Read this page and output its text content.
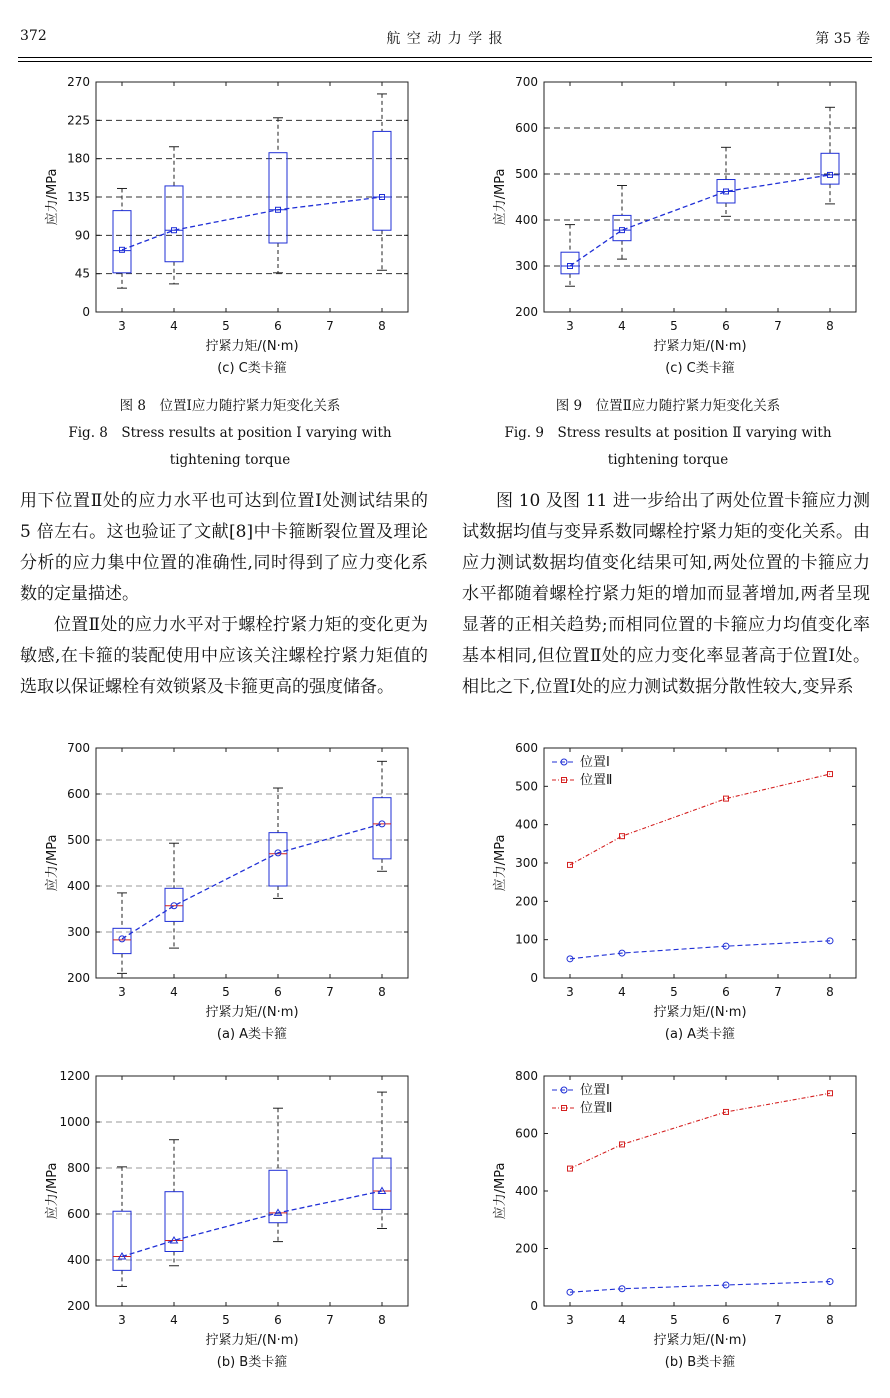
372	航 空 动 力 学 报	第 35 卷
0
45
90
135
180
225
270
3	4	5	6	7	8
拧紧力矩/(N·m)
应力/MPa
(c) C类卡箍
200
300
400
500
600
700
3	4	5	6	7	8
拧紧力矩/(N·m)
应力/MPa
(c) C类卡箍
200
300
400
500
600
700
3	4	5	6	7	8
拧紧力矩/(N·m)
应力/MPa
(a) A类卡箍
200
400
600
800
1000
1200
3	4	5	6	7	8
拧紧力矩/(N·m)
应力/MPa
(b) B类卡箍
0
100
200
300
400
500
600
3	4	5	6	7	8
拧紧力矩/(N·m)
应力/MPa
(a) A类卡箍
位置Ⅰ
位置Ⅱ
0
200
400
600
800
3	4	5	6	7	8
拧紧力矩/(N·m)
应力/MPa
(b) B类卡箍
位置Ⅰ
位置Ⅱ
图 8　位置Ⅰ应力随拧紧力矩变化关系
Fig. 8　Stress results at position Ⅰ varying with
tightening torque
图 9　位置Ⅱ应力随拧紧力矩变化关系
Fig. 9　Stress results at position Ⅱ varying with
tightening torque

用下位置Ⅱ处的应力水平也可达到位置Ⅰ处测试结果的 5 倍左右。这也验证了文献[8]中卡箍断裂位置及理论分析的应力集中位置的准确性,同时得到了应力变化系数的定量描述。

位置Ⅱ处的应力水平对于螺栓拧紧力矩的变化更为敏感,在卡箍的装配使用中应该关注螺栓拧紧力矩值的选取以保证螺栓有效锁紧及卡箍更高的强度储备。

图 10 及图 11 进一步给出了两处位置卡箍应力测试数据均值与变异系数同螺栓拧紧力矩的变化关系。由应力测试数据均值变化结果可知,两处位置的卡箍应力水平都随着螺栓拧紧力矩的增加而显著增加,两者呈现显著的正相关趋势;而相同位置的卡箍应力均值变化率基本相同,但位置Ⅱ处的应力变化率显著高于位置Ⅰ处。相比之下,位置Ⅰ处的应力测试数据分散性较大,变异系
